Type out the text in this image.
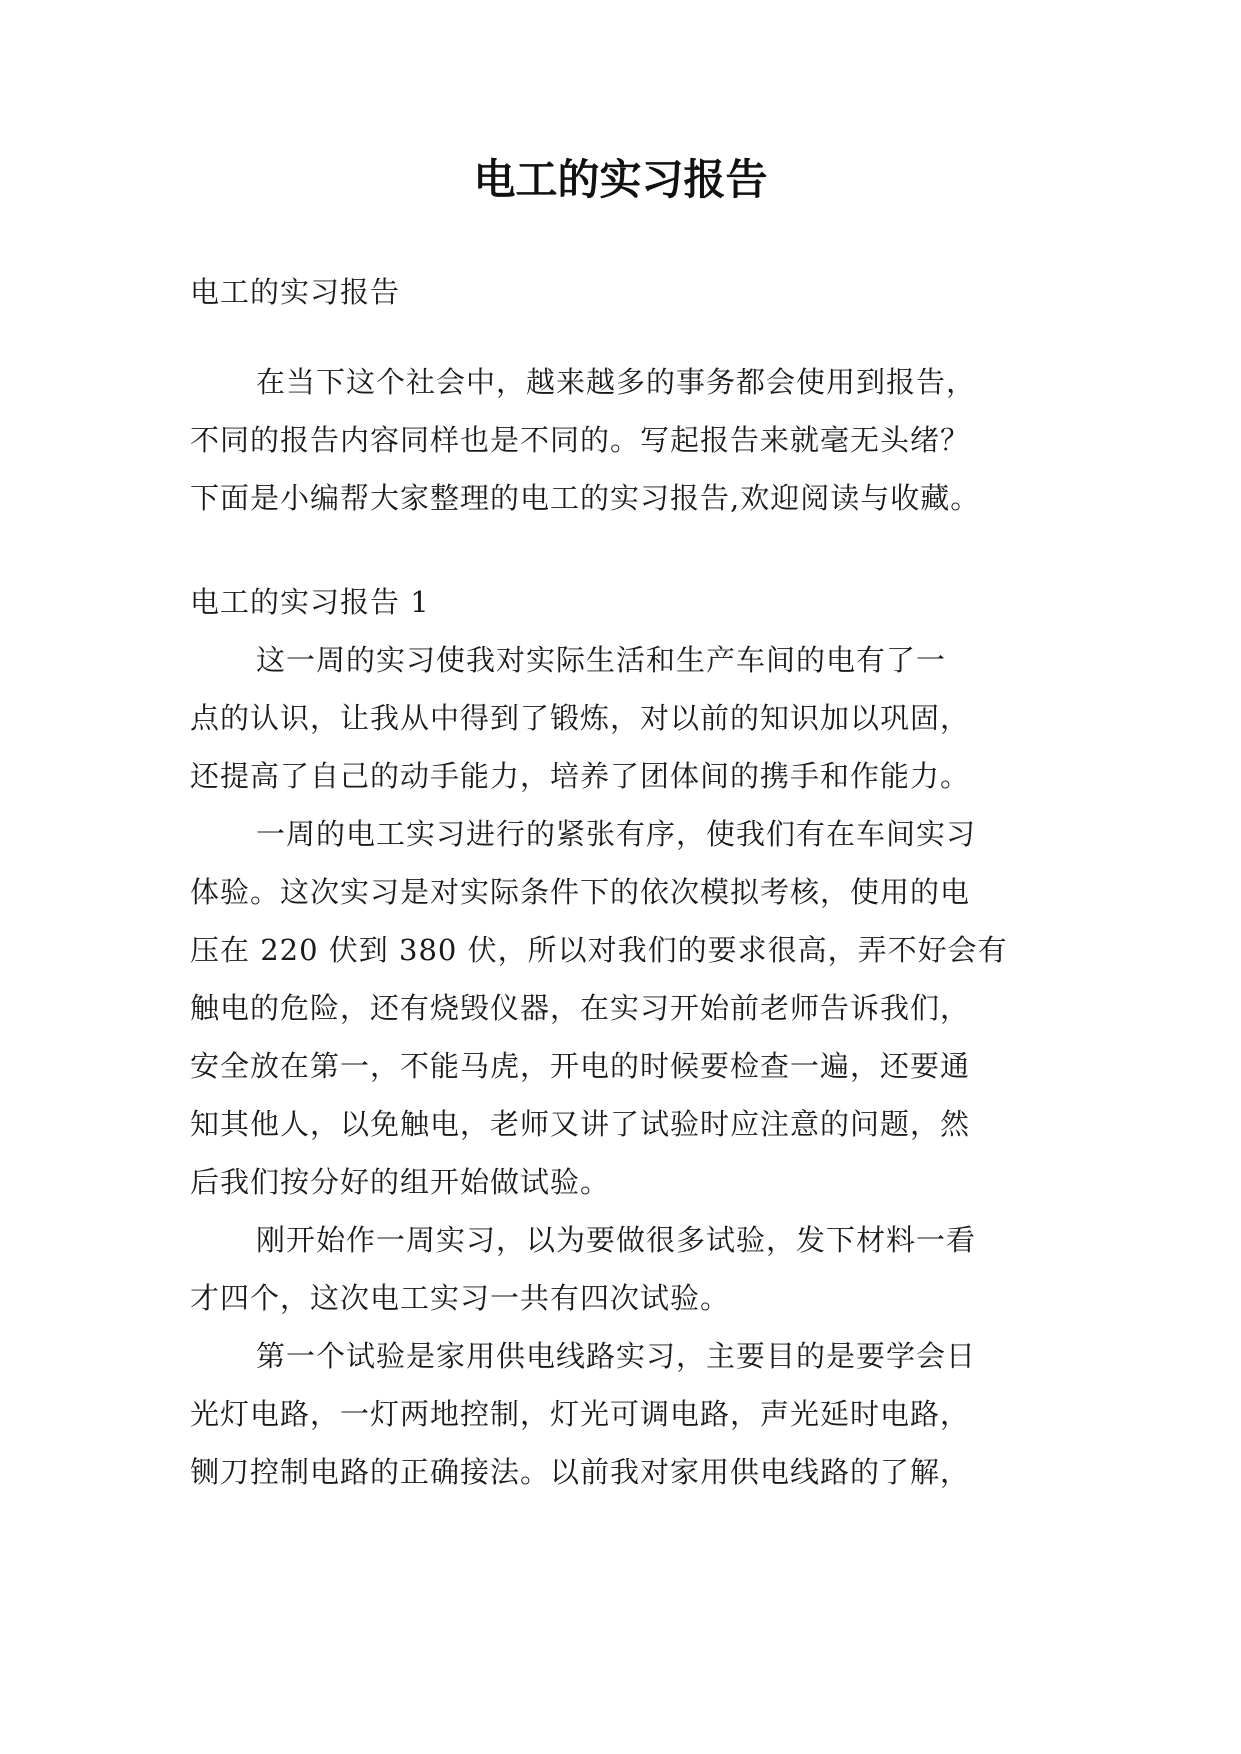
电工的实习报告
电工的实习报告
在当下这个社会中，越来越多的事务都会使用到报告，
不同的报告内容同样也是不同的。写起报告来就毫无头绪？
下面是小编帮大家整理的电工的实习报告,欢迎阅读与收藏。
电工的实习报告 1
这一周的实习使我对实际生活和生产车间的电有了一
点的认识，让我从中得到了锻炼，对以前的知识加以巩固，
还提高了自己的动手能力，培养了团体间的携手和作能力。
一周的电工实习进行的紧张有序，使我们有在车间实习
体验。这次实习是对实际条件下的依次模拟考核，使用的电
压在 220 伏到 380 伏，所以对我们的要求很高，弄不好会有
触电的危险，还有烧毁仪器，在实习开始前老师告诉我们，
安全放在第一，不能马虎，开电的时候要检查一遍，还要通
知其他人，以免触电，老师又讲了试验时应注意的问题，然
后我们按分好的组开始做试验。
刚开始作一周实习，以为要做很多试验，发下材料一看
才四个，这次电工实习一共有四次试验。
第一个试验是家用供电线路实习，主要目的是要学会日
光灯电路，一灯两地控制，灯光可调电路，声光延时电路，
铡刀控制电路的正确接法。以前我对家用供电线路的了解，
